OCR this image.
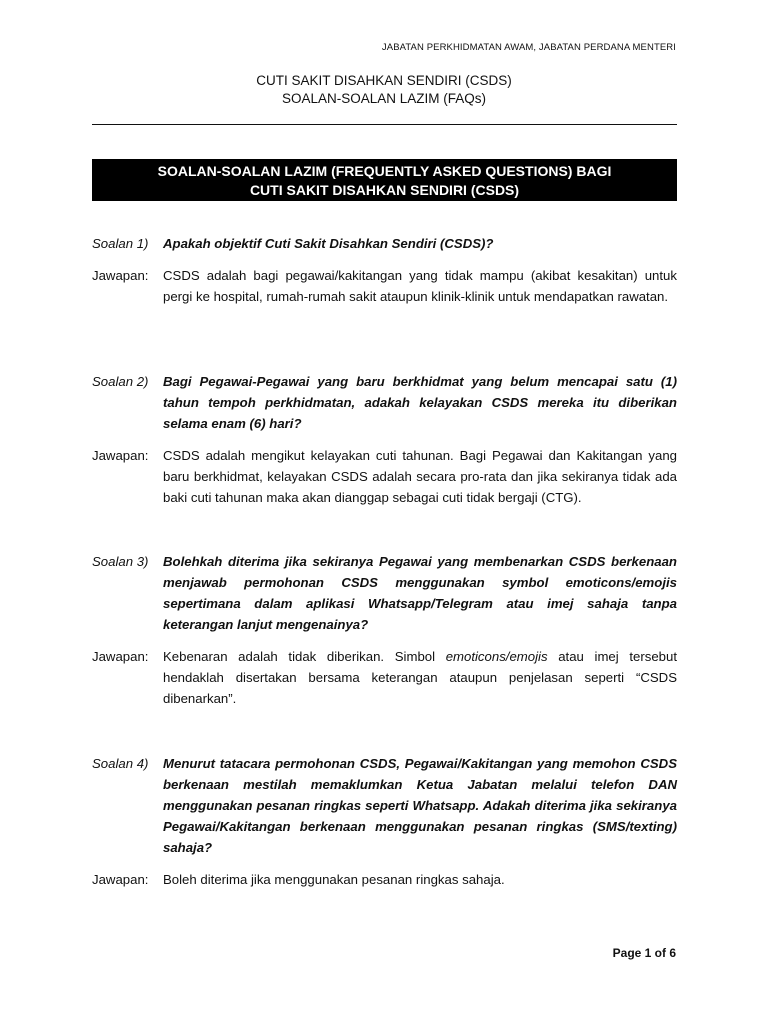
JABATAN PERKHIDMATAN AWAM, JABATAN PERDANA MENTERI
CUTI SAKIT DISAHKAN SENDIRI (CSDS)
SOALAN-SOALAN LAZIM (FAQs)
SOALAN-SOALAN LAZIM (FREQUENTLY ASKED QUESTIONS) BAGI
CUTI SAKIT DISAHKAN SENDIRI (CSDS)
Soalan 1)	Apakah objektif Cuti Sakit Disahkan Sendiri (CSDS)?
Jawapan:	CSDS adalah bagi pegawai/kakitangan yang tidak mampu (akibat kesakitan) untuk pergi ke hospital, rumah-rumah sakit ataupun klinik-klinik untuk mendapatkan rawatan.
Soalan 2)	Bagi Pegawai-Pegawai yang baru berkhidmat yang belum mencapai satu (1) tahun tempoh perkhidmatan, adakah kelayakan CSDS mereka itu diberikan selama enam (6) hari?
Jawapan:	CSDS adalah mengikut kelayakan cuti tahunan. Bagi Pegawai dan Kakitangan yang baru berkhidmat, kelayakan CSDS adalah secara pro-rata dan jika sekiranya tidak ada baki cuti tahunan maka akan dianggap sebagai cuti tidak bergaji (CTG).
Soalan 3)	Bolehkah diterima jika sekiranya Pegawai yang membenarkan CSDS berkenaan menjawab permohonan CSDS menggunakan symbol emoticons/emojis sepertimana dalam aplikasi Whatsapp/Telegram atau imej sahaja tanpa keterangan lanjut mengenainya?
Jawapan:	Kebenaran adalah tidak diberikan. Simbol emoticons/emojis atau imej tersebut hendaklah disertakan bersama keterangan ataupun penjelasan seperti “CSDS dibenarkan”.
Soalan 4)	Menurut tatacara permohonan CSDS, Pegawai/Kakitangan yang memohon CSDS berkenaan mestilah memaklumkan Ketua Jabatan melalui telefon DAN menggunakan pesanan ringkas seperti Whatsapp. Adakah diterima jika sekiranya Pegawai/Kakitangan berkenaan menggunakan pesanan ringkas (SMS/texting) sahaja?
Jawapan:	Boleh diterima jika menggunakan pesanan ringkas sahaja.
Page 1 of 6
